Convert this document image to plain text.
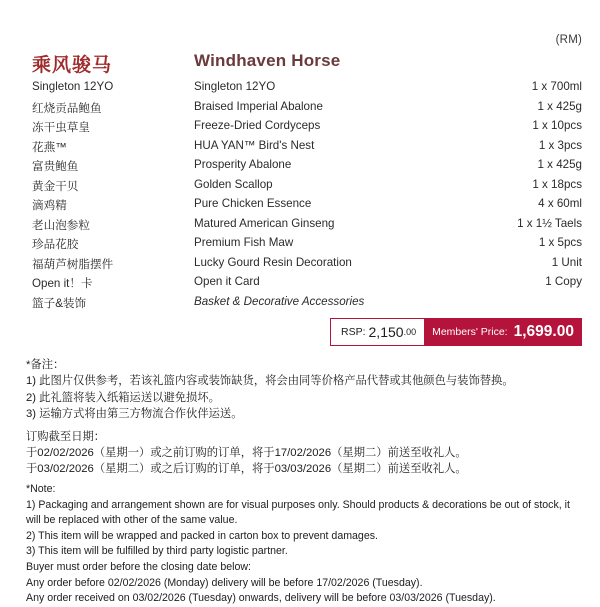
(RM)
乘风骏马	Windhaven Horse
Singleton 12YO	Singleton 12YO	1 x 700ml
红烧贡品鲍鱼	Braised Imperial Abalone	1 x 425g
冻干虫草皇	Freeze-Dried Cordyceps	1 x 10pcs
花燕™	HUA YAN™ Bird's Nest	1 x 3pcs
富贵鲍鱼	Prosperity Abalone	1 x 425g
黄金干贝	Golden Scallop	1 x 18pcs
滴鸡精	Pure Chicken Essence	4 x 60ml
老山泡参粒	Matured American Ginseng	1 x 1½ Taels
珍品花胶	Premium Fish Maw	1 x 5pcs
福葫芦树脂摆件	Lucky Gourd Resin Decoration	1 Unit
Open it！卡	Open it Card	1 Copy
篮子&装饰	Basket & Decorative Accessories
RSP: 2,150 .00 Members' Price: 1,699.00
*备注：
1) 此图片仅供参考，若该礼篮内容或装饰缺货，将会由同等价格产品代替或其他颜色与装饰替换。
2) 此礼篮将装入纸箱运送以避免损坏。
3) 运输方式将由第三方物流合作伙伴运送。
订购截至日期：
于02/02/2026（星期一）或之前订购的订单，将于17/02/2026（星期二）前送至收礼人。
于03/02/2026（星期二）或之后订购的订单，将于03/03/2026（星期二）前送至收礼人。
*Note:
1) Packaging and arrangement shown are for visual purposes only. Should products & decorations be out of stock, it
will be replaced with other of the same value.
2) This item will be wrapped and packed in carton box to prevent damages.
3) This item will be fulfilled by third party logistic partner.
Buyer must order before the closing date below:
Any order before 02/02/2026 (Monday) delivery will be before 17/02/2026 (Tuesday).
Any order received on 03/02/2026 (Tuesday) onwards, delivery will be before 03/03/2026 (Tuesday).
